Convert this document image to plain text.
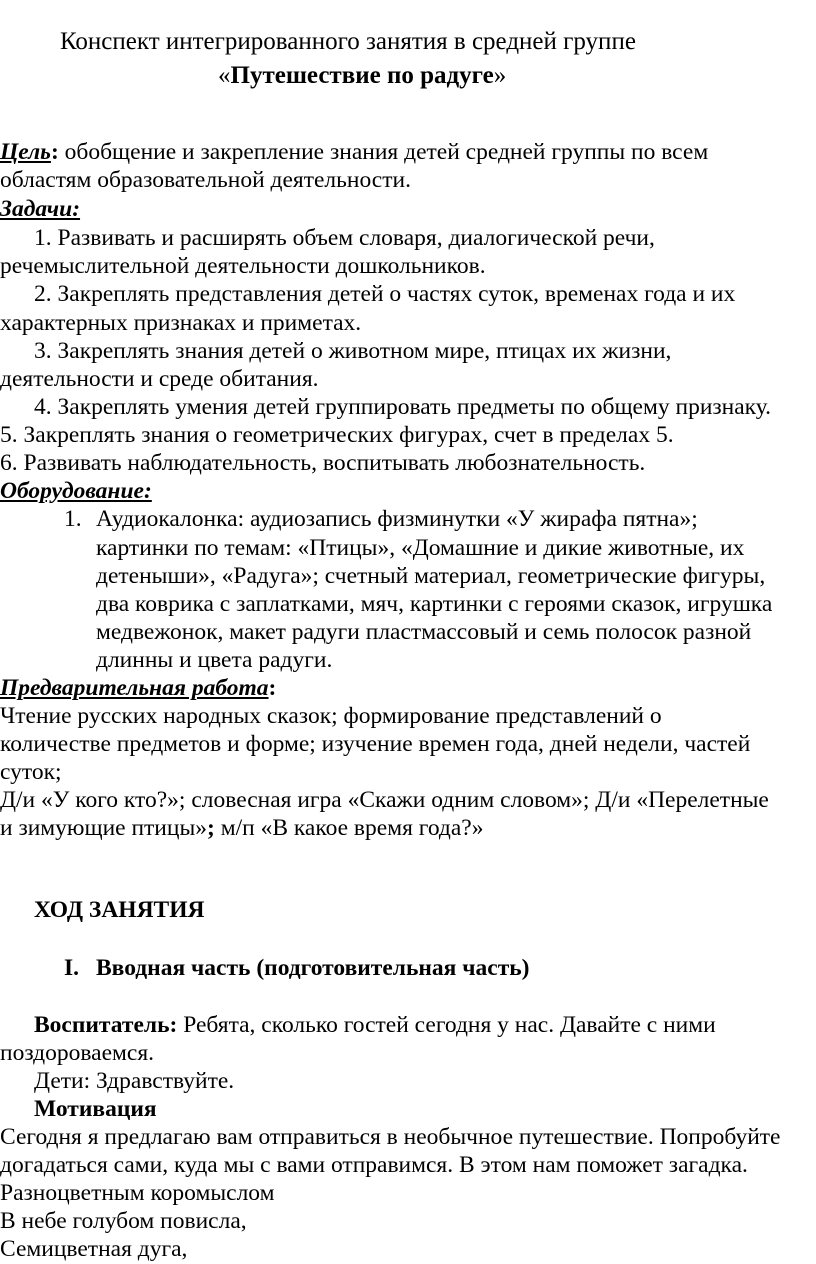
Конспект интегрированного занятия в средней группе
«Путешествие по радуге»
Цель: обобщение и закрепление знания детей средней группы по всем
областям образовательной деятельности.
Задачи:
1. Развивать и расширять объем словаря, диалогической речи,
речемыслительной деятельности дошкольников.
2. Закреплять представления детей о частях суток, временах года и их
характерных признаках и приметах.
3. Закреплять знания детей о животном мире, птицах их жизни,
деятельности и среде обитания.
4. Закреплять умения детей группировать предметы по общему признаку.
5. Закреплять знания о геометрических фигурах, счет в пределах 5.
6. Развивать наблюдательность, воспитывать любознательность.
Оборудование:
1. Аудиокалонка: аудиозапись физминутки «У жирафа пятна»;
картинки по темам: «Птицы», «Домашние и дикие животные, их
детеныши», «Радуга»; счетный материал, геометрические фигуры,
два коврика с заплатками, мяч, картинки с героями сказок, игрушка
медвежонок, макет радуги пластмассовый и семь полосок разной
длинны и цвета радуги.
Предварительная работа:
Чтение русских народных сказок; формирование представлений о
количестве предметов и форме; изучение времен года, дней недели, частей
суток;
Д/и «У кого кто?»; словесная игра «Скажи одним словом»; Д/и «Перелетные
и зимующие птицы»; м/п «В какое время года?»
ХОД ЗАНЯТИЯ
I. Вводная часть (подготовительная часть)
Воспитатель: Ребята, сколько гостей сегодня у нас. Давайте с ними
поздороваемся.
Дети: Здравствуйте.
Мотивация
Сегодня я предлагаю вам отправиться в необычное путешествие. Попробуйте
догадаться сами, куда мы с вами отправимся. В этом нам поможет загадка.
Разноцветным коромыслом
В небе голубом повисла,
Семицветная дуга,
